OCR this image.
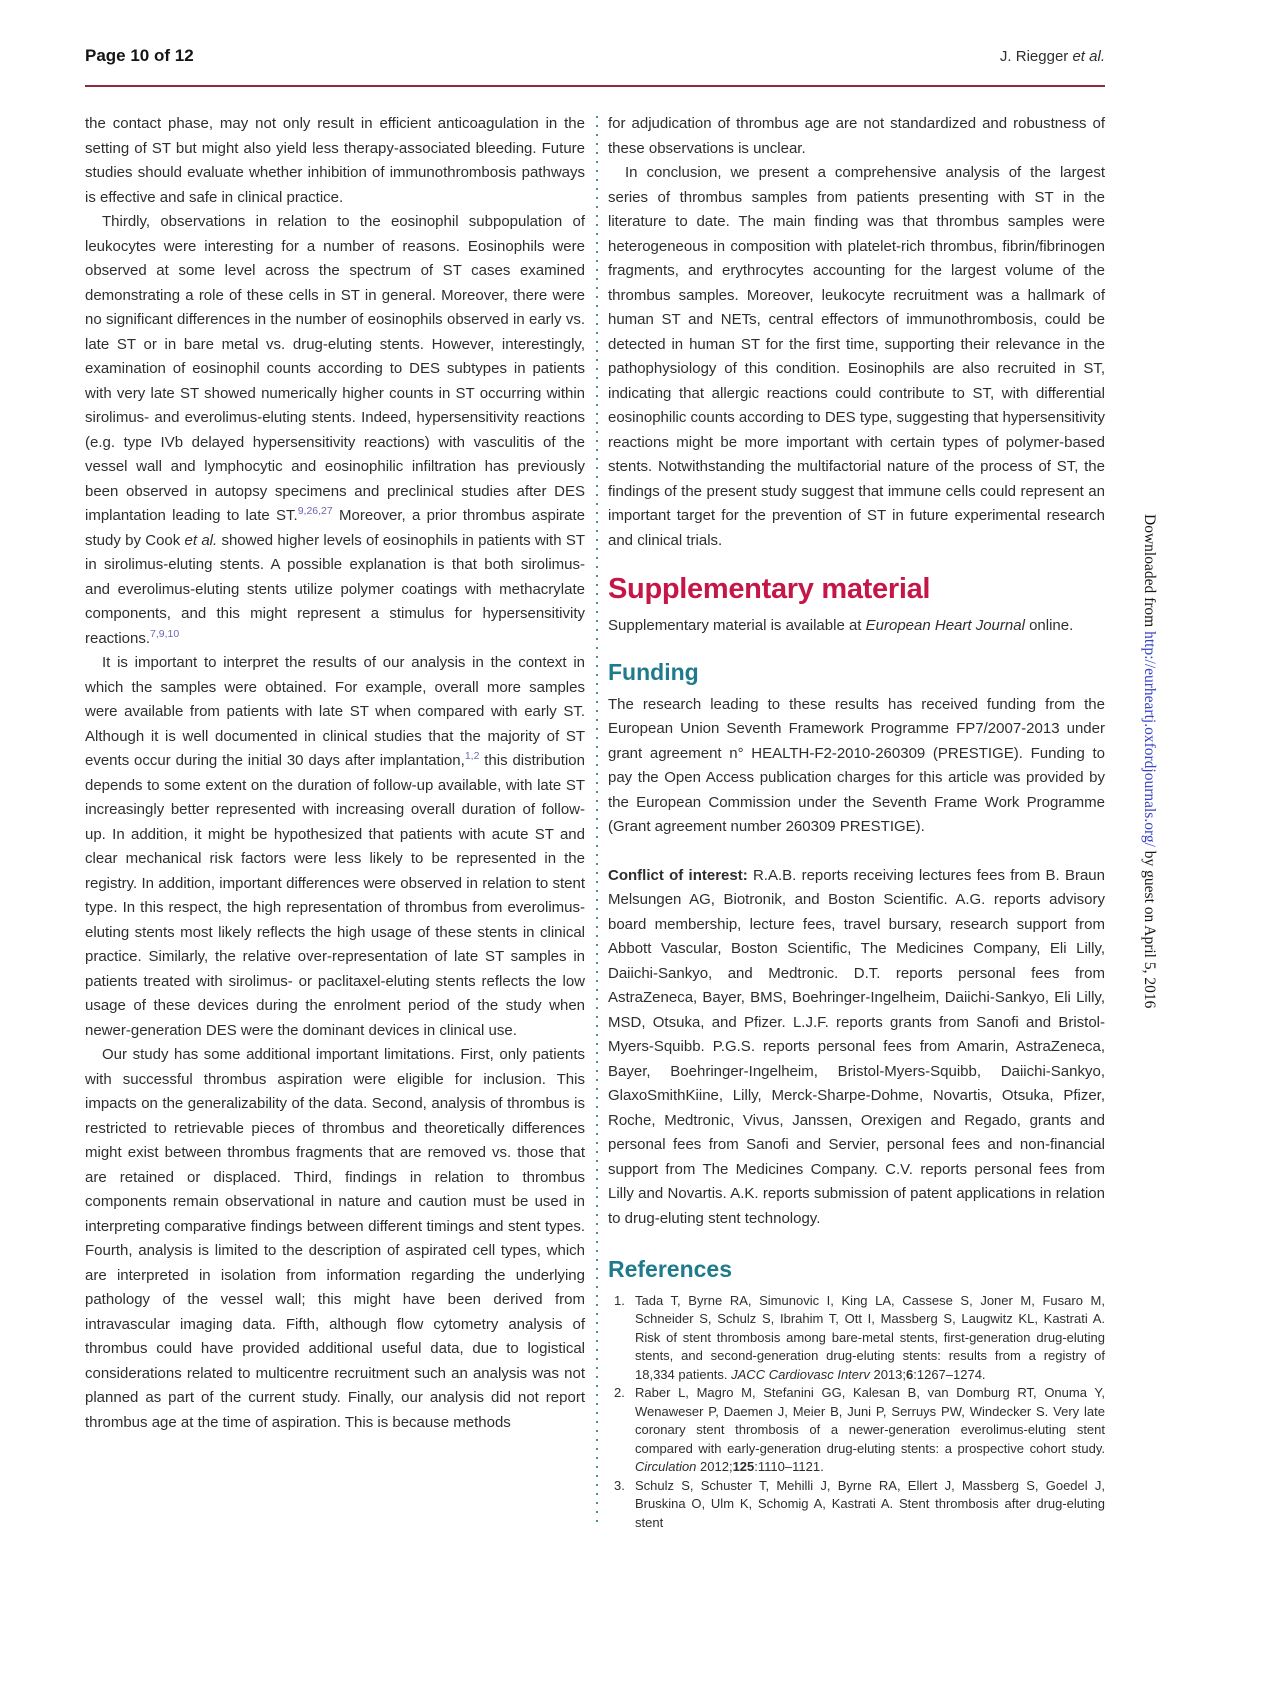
Page 10 of 12	J. Riegger et al.

the contact phase, may not only result in efficient anticoagulation in the setting of ST but might also yield less therapy-associated bleeding. Future studies should evaluate whether inhibition of immunothrombosis pathways is effective and safe in clinical practice.

Thirdly, observations in relation to the eosinophil subpopulation of leukocytes were interesting for a number of reasons. Eosinophils were observed at some level across the spectrum of ST cases examined demonstrating a role of these cells in ST in general. Moreover, there were no significant differences in the number of eosinophils observed in early vs. late ST or in bare metal vs. drug-eluting stents. However, interestingly, examination of eosinophil counts according to DES subtypes in patients with very late ST showed numerically higher counts in ST occurring within sirolimus- and everolimus-eluting stents. Indeed, hypersensitivity reactions (e.g. type IVb delayed hypersensitivity reactions) with vasculitis of the vessel wall and lymphocytic and eosinophilic infiltration has previously been observed in autopsy specimens and preclinical studies after DES implantation leading to late ST.$^{9,26,27}$ Moreover, a prior thrombus aspirate study by Cook et al. showed higher levels of eosinophils in patients with ST in sirolimus-eluting stents. A possible explanation is that both sirolimus- and everolimus-eluting stents utilize polymer coatings with methacrylate components, and this might represent a stimulus for hypersensitivity reactions.$^{7,9,10}$

It is important to interpret the results of our analysis in the context in which the samples were obtained. For example, overall more samples were available from patients with late ST when compared with early ST. Although it is well documented in clinical studies that the majority of ST events occur during the initial 30 days after implantation,$^{1,2}$ this distribution depends to some extent on the duration of follow-up available, with late ST increasingly better represented with increasing overall duration of follow-up. In addition, it might be hypothesized that patients with acute ST and clear mechanical risk factors were less likely to be represented in the registry. In addition, important differences were observed in relation to stent type. In this respect, the high representation of thrombus from everolimus-eluting stents most likely reflects the high usage of these stents in clinical practice. Similarly, the relative over-representation of late ST samples in patients treated with sirolimus- or paclitaxel-eluting stents reflects the low usage of these devices during the enrolment period of the study when newer-generation DES were the dominant devices in clinical use.

Our study has some additional important limitations. First, only patients with successful thrombus aspiration were eligible for inclusion. This impacts on the generalizability of the data. Second, analysis of thrombus is restricted to retrievable pieces of thrombus and theoretically differences might exist between thrombus fragments that are removed vs. those that are retained or displaced. Third, findings in relation to thrombus components remain observational in nature and caution must be used in interpreting comparative findings between different timings and stent types. Fourth, analysis is limited to the description of aspirated cell types, which are interpreted in isolation from information regarding the underlying pathology of the vessel wall; this might have been derived from intravascular imaging data. Fifth, although flow cytometry analysis of thrombus could have provided additional useful data, due to logistical considerations related to multicentre recruitment such an analysis was not planned as part of the current study. Finally, our analysis did not report thrombus age at the time of aspiration. This is because methods

for adjudication of thrombus age are not standardized and robustness of these observations is unclear.

In conclusion, we present a comprehensive analysis of the largest series of thrombus samples from patients presenting with ST in the literature to date. The main finding was that thrombus samples were heterogeneous in composition with platelet-rich thrombus, fibrin/fibrinogen fragments, and erythrocytes accounting for the largest volume of the thrombus samples. Moreover, leukocyte recruitment was a hallmark of human ST and NETs, central effectors of immunothrombosis, could be detected in human ST for the first time, supporting their relevance in the pathophysiology of this condition. Eosinophils are also recruited in ST, indicating that allergic reactions could contribute to ST, with differential eosinophilic counts according to DES type, suggesting that hypersensitivity reactions might be more important with certain types of polymer-based stents. Notwithstanding the multifactorial nature of the process of ST, the findings of the present study suggest that immune cells could represent an important target for the prevention of ST in future experimental research and clinical trials.

Supplementary material

Supplementary material is available at European Heart Journal online.

Funding

The research leading to these results has received funding from the European Union Seventh Framework Programme FP7/2007-2013 under grant agreement n° HEALTH-F2-2010-260309 (PRESTIGE). Funding to pay the Open Access publication charges for this article was provided by the European Commission under the Seventh Frame Work Programme (Grant agreement number 260309 PRESTIGE).

Conflict of interest: R.A.B. reports receiving lectures fees from B. Braun Melsungen AG, Biotronik, and Boston Scientific. A.G. reports advisory board membership, lecture fees, travel bursary, research support from Abbott Vascular, Boston Scientific, The Medicines Company, Eli Lilly, Daiichi-Sankyo, and Medtronic. D.T. reports personal fees from AstraZeneca, Bayer, BMS, Boehringer-Ingelheim, Daiichi-Sankyo, Eli Lilly, MSD, Otsuka, and Pfizer. L.J.F. reports grants from Sanofi and Bristol-Myers-Squibb. P.G.S. reports personal fees from Amarin, AstraZeneca, Bayer, Boehringer-Ingelheim, Bristol-Myers-Squibb, Daiichi-Sankyo, GlaxoSmithKiine, Lilly, Merck-Sharpe-Dohme, Novartis, Otsuka, Pfizer, Roche, Medtronic, Vivus, Janssen, Orexigen and Regado, grants and personal fees from Sanofi and Servier, personal fees and non-financial support from The Medicines Company. C.V. reports personal fees from Lilly and Novartis. A.K. reports submission of patent applications in relation to drug-eluting stent technology.

References
1. Tada T, Byrne RA, Simunovic I, King LA, Cassese S, Joner M, Fusaro M, Schneider S, Schulz S, Ibrahim T, Ott I, Massberg S, Laugwitz KL, Kastrati A. Risk of stent thrombosis among bare-metal stents, first-generation drug-eluting stents, and second-generation drug-eluting stents: results from a registry of 18,334 patients. JACC Cardiovasc Interv 2013;6:1267–1274.
2. Raber L, Magro M, Stefanini GG, Kalesan B, van Domburg RT, Onuma Y, Wenaweser P, Daemen J, Meier B, Juni P, Serruys PW, Windecker S. Very late coronary stent thrombosis of a newer-generation everolimus-eluting stent compared with early-generation drug-eluting stents: a prospective cohort study. Circulation 2012;125:1110–1121.
3. Schulz S, Schuster T, Mehilli J, Byrne RA, Ellert J, Massberg S, Goedel J, Bruskina O, Ulm K, Schomig A, Kastrati A. Stent thrombosis after drug-eluting stent
Downloaded from http://eurheartj.oxfordjournals.org/ by guest on April 5, 2016
